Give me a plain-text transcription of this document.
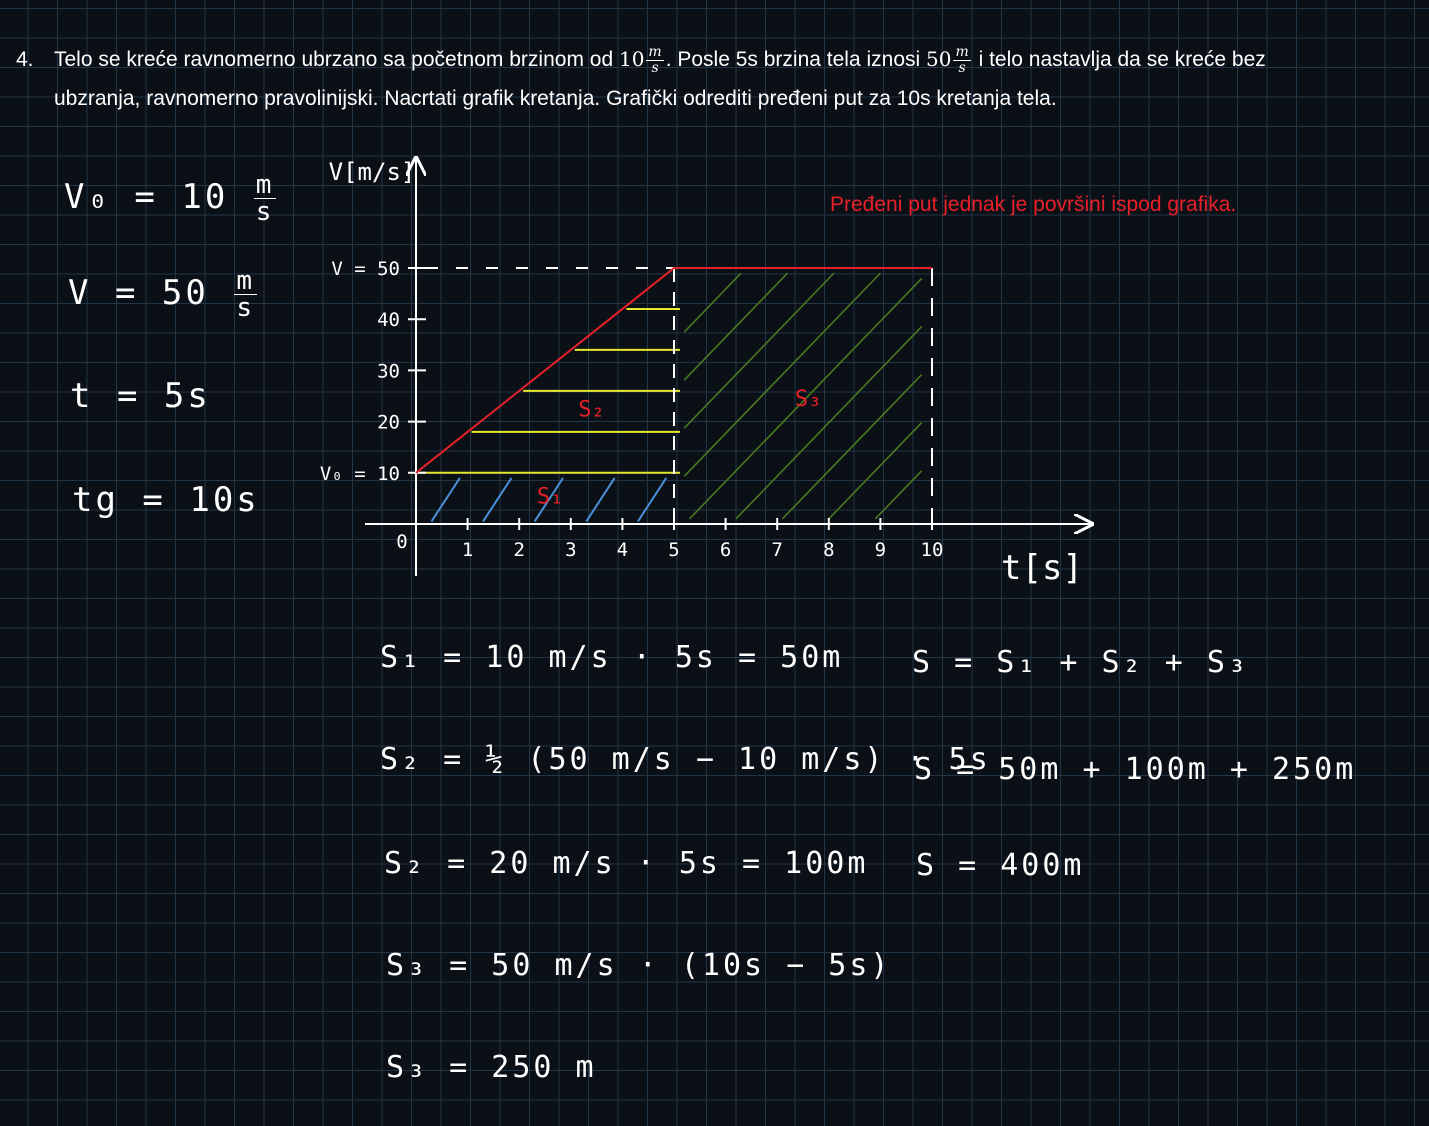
4. Telo se kreće ravnomerno ubrzano sa početnom brzinom od $10 \frac{m}{s}$ . Posle 5s brzina tela iznosi $50 \frac{m}{s}$ i telo nastavlja da se kreće bez
ubzranja, ravnomerno pravolinijski. Nacrtati grafik kretanja. Grafički odrediti pređeni put za 10s kretanja tela.
$V_0 = 10 \frac{m}{s}$
$V = 50 \frac{m}{s}$
t = 5s
tg = 10s
Pređeni put jednak je površini ispod grafika.
1 2 3 4 5 6 7 8 9 10
0
V₀ = 10
20
30
40
V = 50
S₁
S₂	S₃
t[s]
V[m/s]
S₁ = 10 m/s · 5s = 50m
S₂ = ½ (50 m/s − 10 m/s) · 5s
S₂ = 20 m/s · 5s = 100m
S₃ = 50 m/s · (10s − 5s)
S₃ = 250 m
S = S₁ + S₂ + S₃
S = 50m + 100m + 250m
S = 400m
